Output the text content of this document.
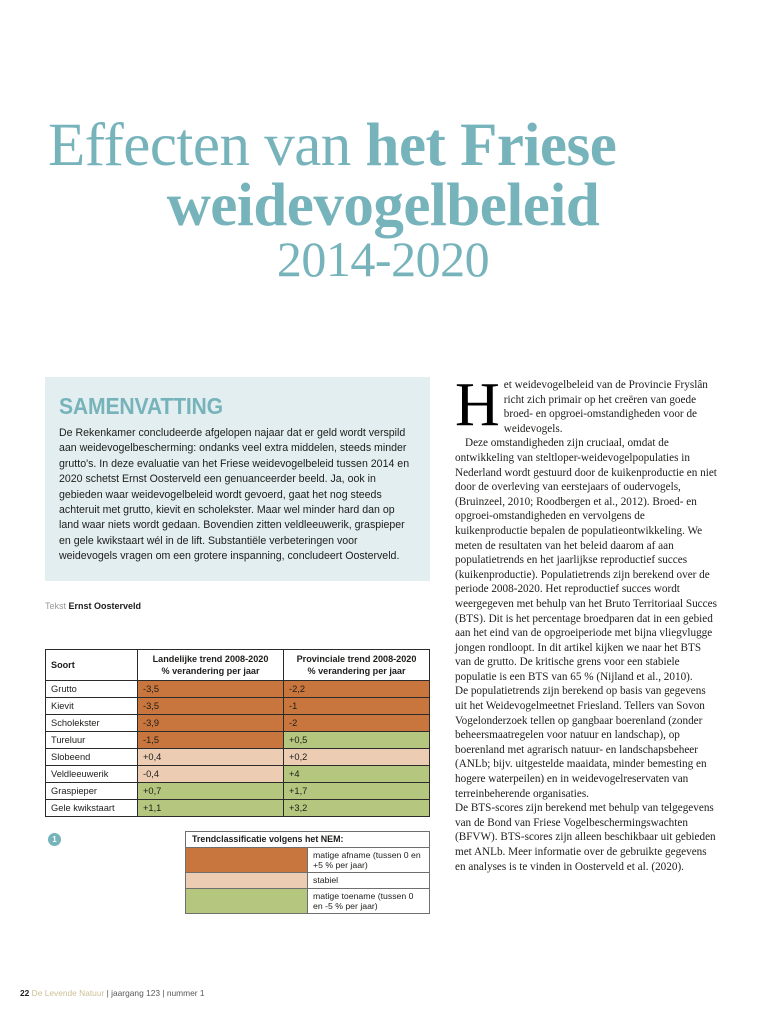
Effecten van het Friese
weidevogelbeleid
2014-2020
SAMENVATTING
De Rekenkamer concludeerde afgelopen najaar dat er geld wordt verspild aan weidevogelbescherming: ondanks veel extra middelen, steeds minder grutto's. In deze evaluatie van het Friese weidevogelbeleid tussen 2014 en 2020 schetst Ernst Oosterveld een genuanceerder beeld. Ja, ook in gebieden waar weidevogelbeleid wordt gevoerd, gaat het nog steeds achteruit met grutto, kievit en scholekster. Maar wel minder hard dan op land waar niets wordt gedaan. Bovendien zitten veldleeuwerik, graspieper en gele kwikstaart wél in de lift. Substantiële verbeteringen voor weidevogels vragen om een grotere inspanning, concludeert Oosterveld.
Tekst Ernst Oosterveld
Soort	
Landelijke trend 2008-2020
% verandering per jaar

Provinciale trend 2008-2020
% verandering per jaar

Grutto	-3,5	-2,2
Kievit	-3,5	-1
Scholekster	-3,9	-2
Tureluur	-1,5	+0,5
Slobeend	+0,4	+0,2
Veldleeuwerik	-0,4	+4
Graspieper	+0,7	+1,7
Gele kwikstaart	+1,1	+3,2
1	Trendclassificatie volgens het NEM:	
	matige afname (tussen 0 en +5 % per jaar)
	stabiel
	matige toename (tussen 0 en -5 % per jaar)
H et weidevogelbeleid van de Provincie Fryslân richt zich primair op het creëren van goede broed- en opgroei-omstandigheden voor de weidevogels.

Deze omstandigheden zijn cruciaal, omdat de ontwikkeling van steltloper-weidevogelpopulaties in Nederland wordt gestuurd door de kuikenproductie en niet door de overleving van eerstejaars of oudervogels, (Bruinzeel, 2010; Roodbergen et al., 2012). Broed- en opgroei-omstandigheden en vervolgens de kuikenproductie bepalen de populatieontwikkeling. We meten de resultaten van het beleid daarom af aan populatietrends en het jaarlijkse reproductief succes (kuikenproductie). Populatietrends zijn berekend over de periode 2008-2020. Het reproductief succes wordt weergegeven met behulp van het Bruto Territoriaal Succes (BTS). Dit is het percentage broedparen dat in een gebied aan het eind van de opgroeiperiode met bijna vliegvlugge jongen rondloopt. In dit artikel kijken we naar het BTS van de grutto. De kritische grens voor een stabiele populatie is een BTS van 65 % (Nijland et al., 2010).

De populatietrends zijn berekend op basis van gegevens uit het Weidevogelmeetnet Friesland. Tellers van Sovon Vogelonderzoek tellen op gangbaar boerenland (zonder beheersmaatregelen voor natuur en landschap), op boerenland met agrarisch natuur- en landschapsbeheer (ANLb; bijv. uitgestelde maaidata, minder bemesting en hogere waterpeilen) en in weidevogelreservaten van terreinbeherende organisaties.

De BTS-scores zijn berekend met behulp van telgegevens van de Bond van Friese Vogelbeschermingswachten (BFVW). BTS-scores zijn alleen beschikbaar uit gebieden met ANLb. Meer informatie over de gebruikte gegevens en analyses is te vinden in Oosterveld et al. (2020).

22 De Levende Natuur | jaargang 123 | nummer 1
